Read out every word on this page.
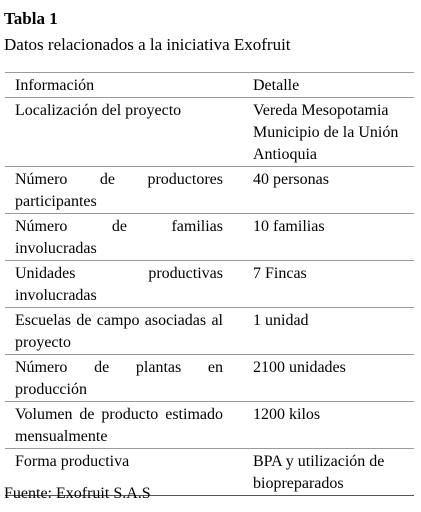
Tabla 1
Datos relacionados a la iniciativa Exofruit
Información	Detalle
Localización del proyecto	Vereda Mesopotamia Municipio de la Unión Antioquia
Número de productores participantes	40 personas
Número de familias involucradas	10 familias
Unidades productivas involucradas	7 Fincas
Escuelas de campo asociadas al proyecto	1 unidad
Número de plantas en producción	2100 unidades
Volumen de producto estimado mensualmente	1200 kilos
Forma productiva	BPA y utilización de biopreparados
Fuente: Exofruit S.A.S
